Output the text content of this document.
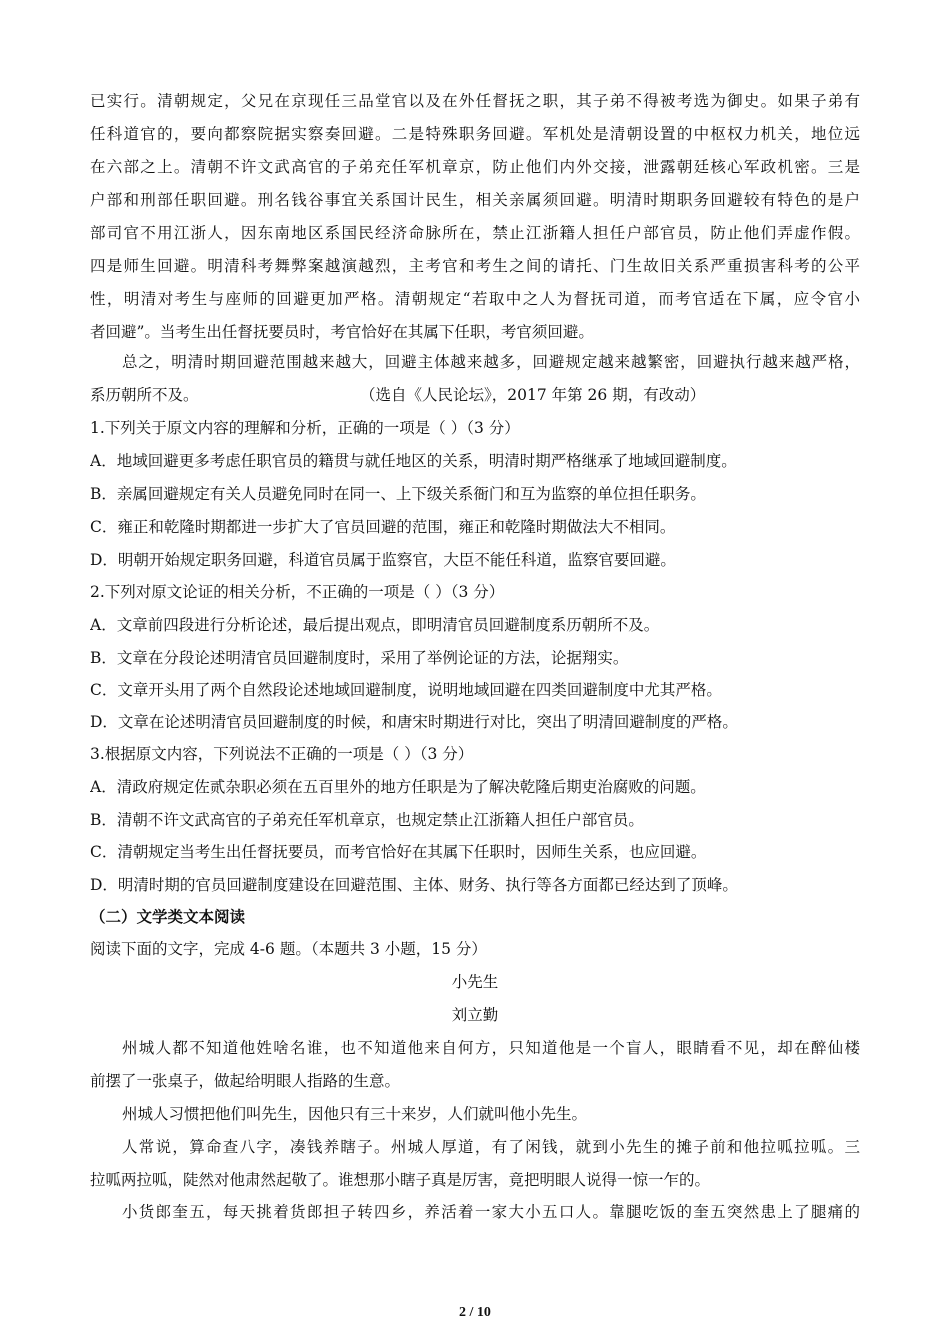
已实行。清朝规定，父兄在京现任三品堂官以及在外任督抚之职，其子弟不得被考选为御史。如果子弟有
任科道官的，要向都察院据实察奏回避。二是特殊职务回避。军机处是清朝设置的中枢权力机关，地位远
在六部之上。清朝不许文武高官的子弟充任军机章京，防止他们内外交接，泄露朝廷核心军政机密。三是
户部和刑部任职回避。刑名钱谷事宜关系国计民生，相关亲属须回避。明清时期职务回避较有特色的是户
部司官不用江浙人，因东南地区系国民经济命脉所在，禁止江浙籍人担任户部官员，防止他们弄虚作假。
四是师生回避。明清科考舞弊案越演越烈，主考官和考生之间的请托、门生故旧关系严重损害科考的公平
性，明清对考生与座师的回避更加严格。清朝规定“若取中之人为督抚司道，而考官适在下属，应令官小
者回避”。当考生出任督抚要员时，考官恰好在其属下任职，考官须回避。
总之，明清时期回避范围越来越大，回避主体越来越多，回避规定越来越繁密，回避执行越来越严格，
系历朝所不及。	（选自《人民论坛》，2017 年第 26 期，有改动）
1.下列关于原文内容的理解和分析，正确的一项是（ ）（3 分）
A．地域回避更多考虑任职官员的籍贯与就任地区的关系，明清时期严格继承了地域回避制度。
B．亲属回避规定有关人员避免同时在同一、上下级关系衙门和互为监察的单位担任职务。
C．雍正和乾隆时期都进一步扩大了官员回避的范围，雍正和乾隆时期做法大不相同。
D．明朝开始规定职务回避，科道官员属于监察官，大臣不能任科道，监察官要回避。
2.下列对原文论证的相关分析，不正确的一项是（ ）（3 分）
A．文章前四段进行分析论述，最后提出观点，即明清官员回避制度系历朝所不及。
B．文章在分段论述明清官员回避制度时，采用了举例论证的方法，论据翔实。
C．文章开头用了两个自然段论述地域回避制度，说明地域回避在四类回避制度中尤其严格。
D．文章在论述明清官员回避制度的时候，和唐宋时期进行对比，突出了明清回避制度的严格。
3.根据原文内容，下列说法不正确的一项是（ ）（3 分）
A．清政府规定佐贰杂职必须在五百里外的地方任职是为了解决乾隆后期吏治腐败的问题。
B．清朝不许文武高官的子弟充任军机章京，也规定禁止江浙籍人担任户部官员。
C．清朝规定当考生出任督抚要员，而考官恰好在其属下任职时，因师生关系，也应回避。
D．明清时期的官员回避制度建设在回避范围、主体、财务、执行等各方面都已经达到了顶峰。
（二）文学类文本阅读
阅读下面的文字，完成 4-6 题。（本题共 3 小题，15 分）
小先生
刘立勤
州城人都不知道他姓啥名谁，也不知道他来自何方，只知道他是一个盲人，眼睛看不见，却在醉仙楼
前摆了一张桌子，做起给明眼人指路的生意。
州城人习惯把他们叫先生，因他只有三十来岁，人们就叫他小先生。
人常说，算命查八字，凑钱养瞎子。州城人厚道，有了闲钱，就到小先生的摊子前和他拉呱拉呱。三
拉呱两拉呱，陡然对他肃然起敬了。谁想那小瞎子真是厉害，竟把明眼人说得一惊一乍的。
小货郎奎五，每天挑着货郎担子转四乡，养活着一家大小五口人。靠腿吃饭的奎五突然患上了腿痛的
2 / 10
